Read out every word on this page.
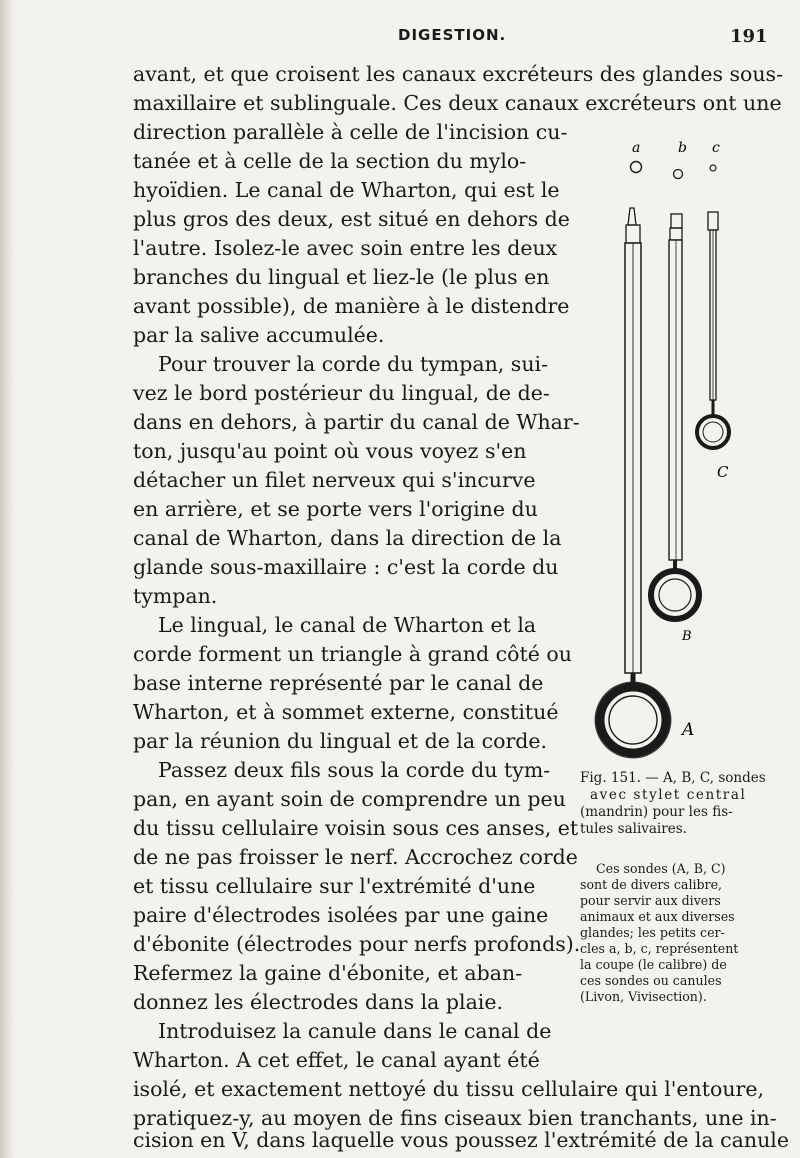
DIGESTION.	191
avant, et que croisent les canaux excréteurs des glandes sous-
maxillaire et sublinguale. Ces deux canaux excréteurs ont une
direction parallèle à celle de l'incision cu-
tanée et à celle de la section du mylo-
hyoïdien. Le canal de Wharton, qui est le
plus gros des deux, est situé en dehors de
l'autre. Isolez-le avec soin entre les deux
branches du lingual et liez-le (le plus en
avant possible), de manière à le distendre
par la salive accumulée.
Pour trouver la corde du tympan, sui-
vez le bord postérieur du lingual, de de-
dans en dehors, à partir du canal de Whar-
ton, jusqu'au point où vous voyez s'en
détacher un filet nerveux qui s'incurve
en arrière, et se porte vers l'origine du
canal de Wharton, dans la direction de la
glande sous-maxillaire : c'est la corde du
tympan.
Le lingual, le canal de Wharton et la
corde forment un triangle à grand côté ou
base interne représenté par le canal de
Wharton, et à sommet externe, constitué
par la réunion du lingual et de la corde.
Passez deux fils sous la corde du tym-
pan, en ayant soin de comprendre un peu
du tissu cellulaire voisin sous ces anses, et
de ne pas froisser le nerf. Accrochez corde
et tissu cellulaire sur l'extrémité d'une
paire d'électrodes isolées par une gaine
d'ébonite (électrodes pour nerfs profonds).
Refermez la gaine d'ébonite, et aban-
donnez les électrodes dans la plaie.
Introduisez la canule dans le canal de
Wharton. A cet effet, le canal ayant été
isolé, et exactement nettoyé du tissu cellulaire qui l'entoure,
pratiquez-y, au moyen de fins ciseaux bien tranchants, une in-
cision en V, dans laquelle vous poussez l'extrémité de la canule
a	b c
C
B
A
Fig. 151. — A, B, C, sondes
avec stylet central
(mandrin) pour les fis-
tules salivaires.
Ces sondes (A, B, C)
sont de divers calibre,
pour servir aux divers
animaux et aux diverses
glandes; les petits cer-
cles a, b, c, représentent
la coupe (le calibre) de
ces sondes ou canules
(Livon, Vivisection).
